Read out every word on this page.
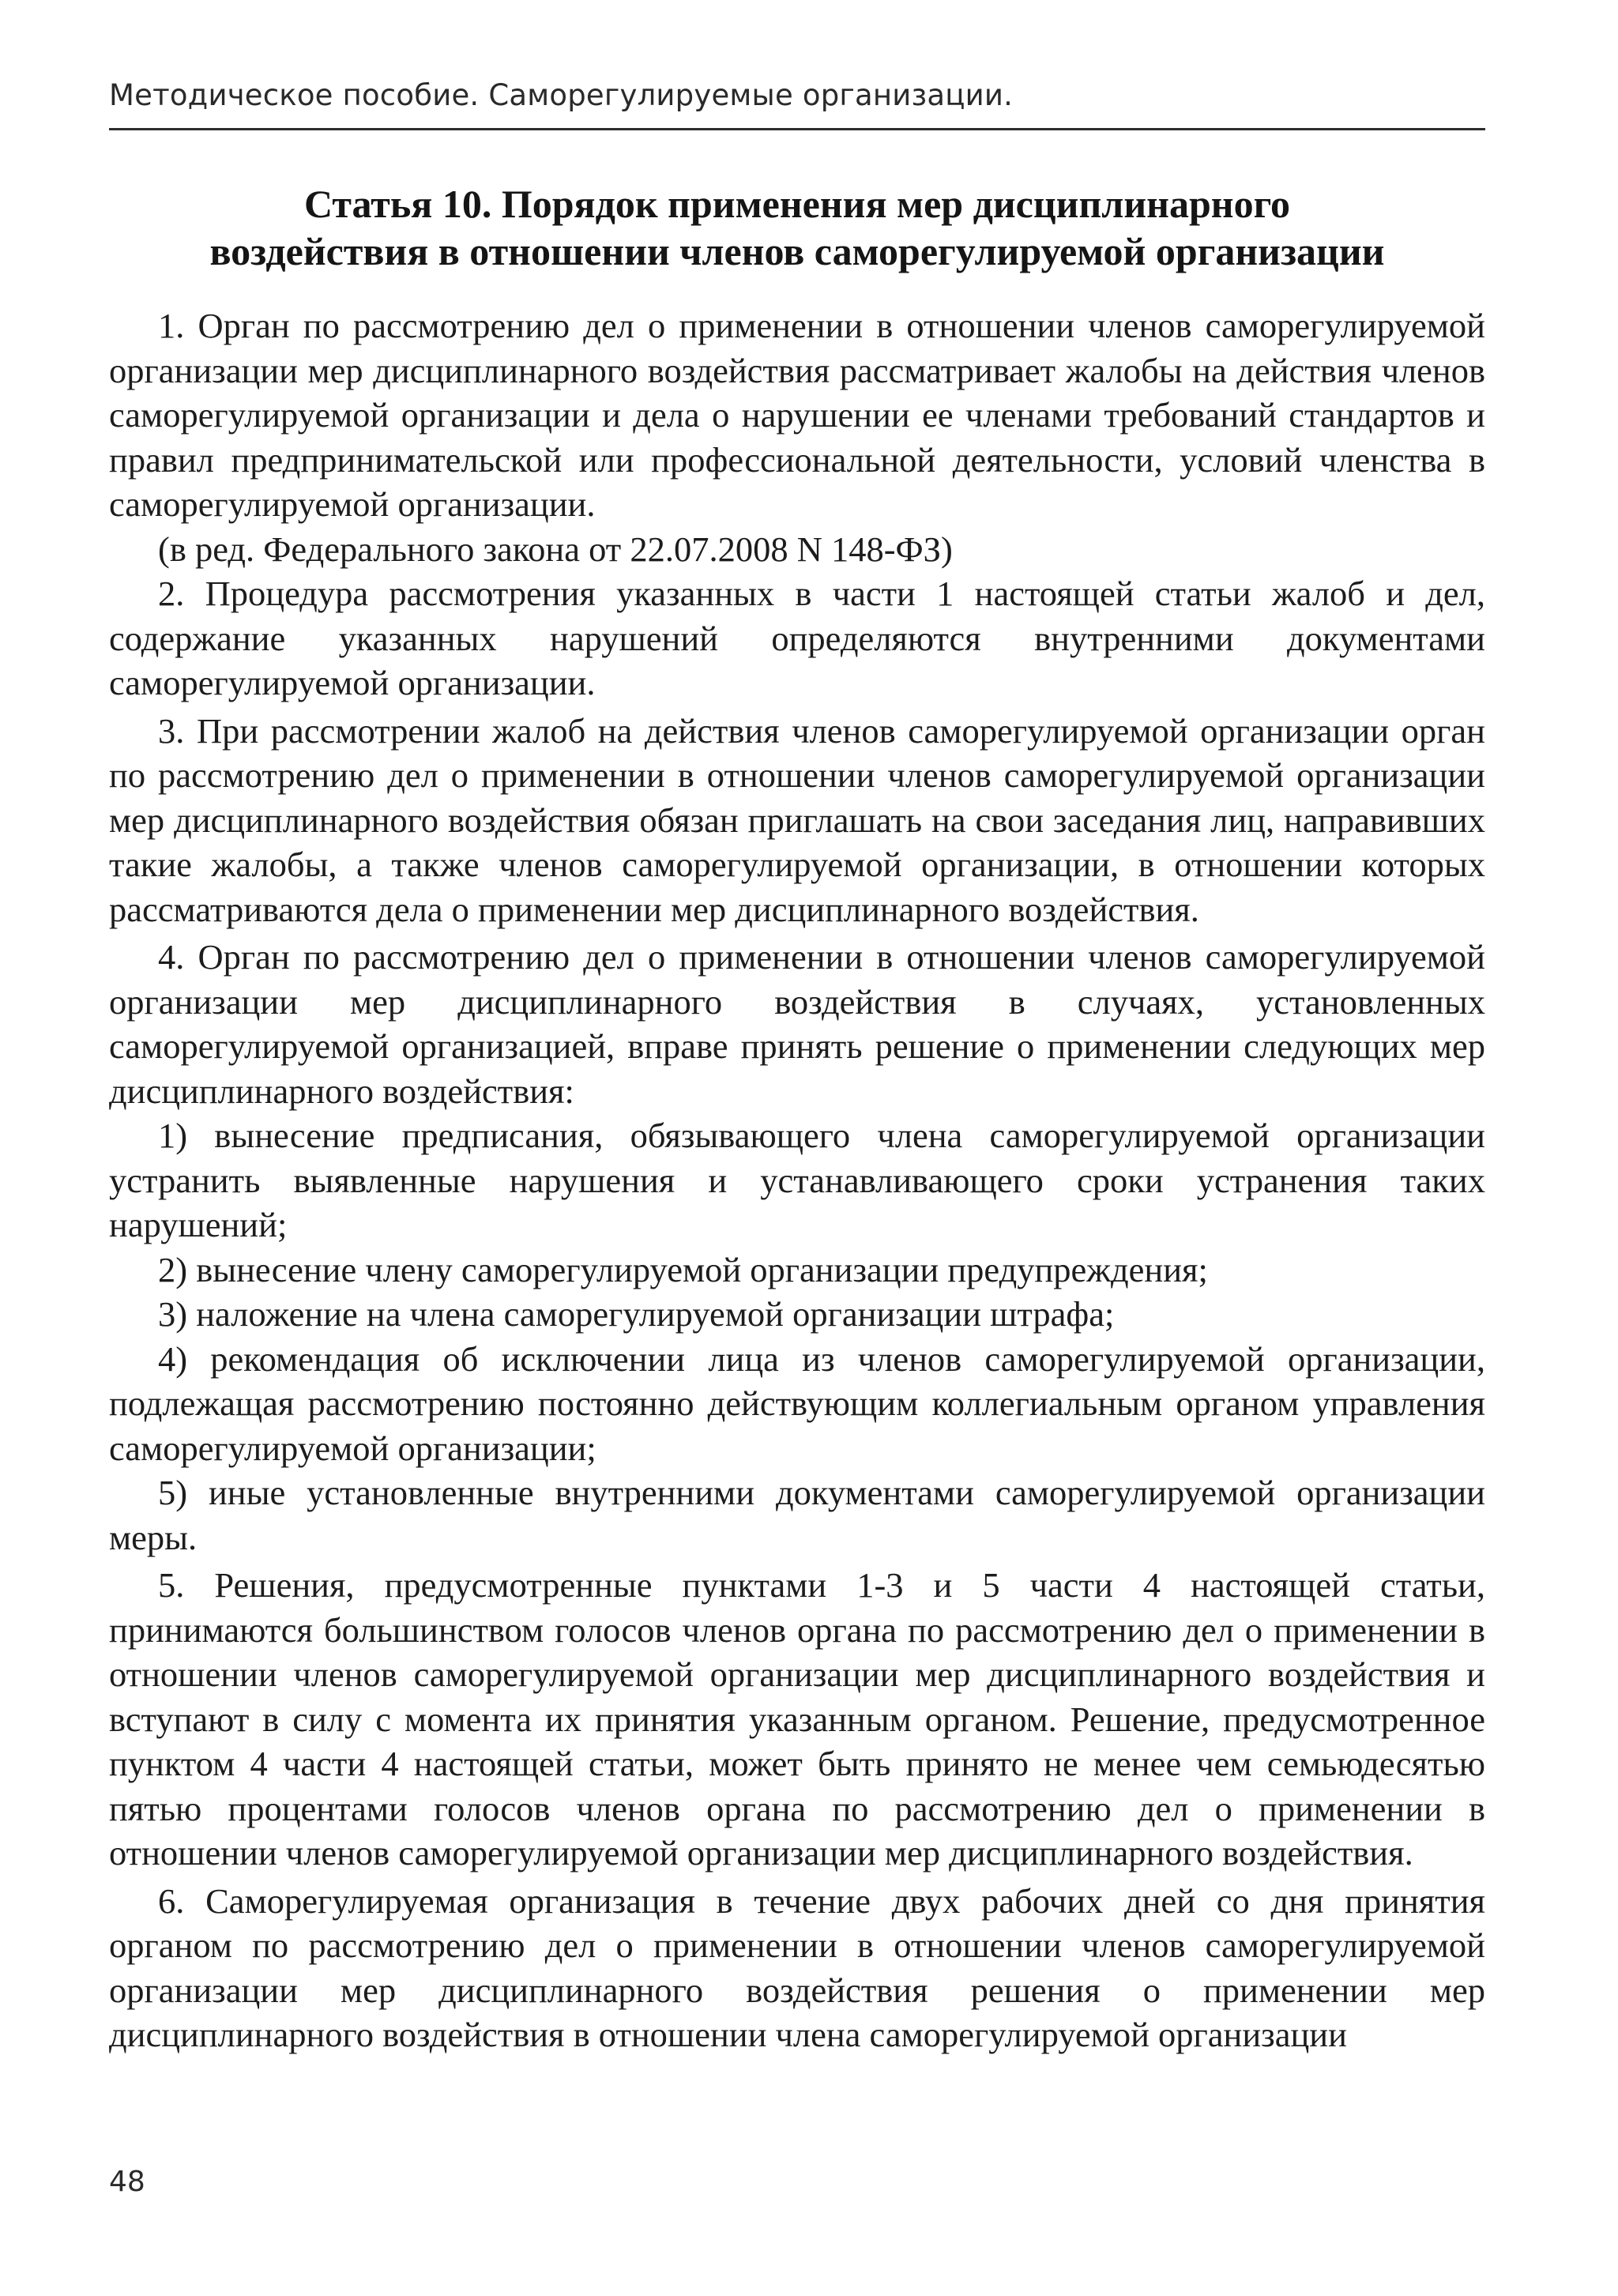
Методическое пособие. Саморегулируемые организации.
Статья 10. Порядок применения мер дисциплинарного
воздействия в отношении членов саморегулируемой организации

1. Орган по рассмотрению дел о применении в отношении членов саморегулируемой организации мер дисциплинарного воздействия рассматривает жалобы на действия членов саморегулируемой организации и дела о нарушении ее членами требований стандартов и правил предпринимательской или профессиональной деятельности, условий членства в саморегулируемой организации.

(в ред. Федерального закона от 22.07.2008 N 148-ФЗ)

2. Процедура рассмотрения указанных в части 1 настоящей статьи жалоб и дел, содержание указанных нарушений определяются внутренними документами саморегулируемой организации.

3. При рассмотрении жалоб на действия членов саморегулируемой организации орган по рассмотрению дел о применении в отношении членов саморегулируемой организации мер дисциплинарного воздействия обязан приглашать на свои заседания лиц, направивших такие жалобы, а также членов саморегулируемой организации, в отношении которых рассматриваются дела о применении мер дисциплинарного воздействия.

4. Орган по рассмотрению дел о применении в отношении членов саморегулируемой организации мер дисциплинарного воздействия в случаях, установленных саморегулируемой организацией, вправе принять решение о применении следующих мер дисциплинарного воздействия:

1) вынесение предписания, обязывающего члена саморегулируемой организации устранить выявленные нарушения и устанавливающего сроки устранения таких нарушений;

2) вынесение члену саморегулируемой организации предупреждения;

3) наложение на члена саморегулируемой организации штрафа;

4) рекомендация об исключении лица из членов саморегулируемой организации, подлежащая рассмотрению постоянно действующим коллегиальным органом управления саморегулируемой организации;

5) иные установленные внутренними документами саморегулируемой организации меры.

5. Решения, предусмотренные пунктами 1-3 и 5 части 4 настоящей статьи, принимаются большинством голосов членов органа по рассмотрению дел о применении в отношении членов саморегулируемой организации мер дисциплинарного воздействия и вступают в силу с момента их принятия указанным органом. Решение, предусмотренное пунктом 4 части 4 настоящей статьи, может быть принято не менее чем семьюдесятью пятью процентами голосов членов органа по рассмотрению дел о применении в отношении членов саморегулируемой организации мер дисциплинарного воздействия.

6. Саморегулируемая организация в течение двух рабочих дней со дня принятия органом по рассмотрению дел о применении в отношении членов саморегулируемой организации мер дисциплинарного воздействия решения о применении мер дисциплинарного воздействия в отношении члена саморегулируемой организации

48
